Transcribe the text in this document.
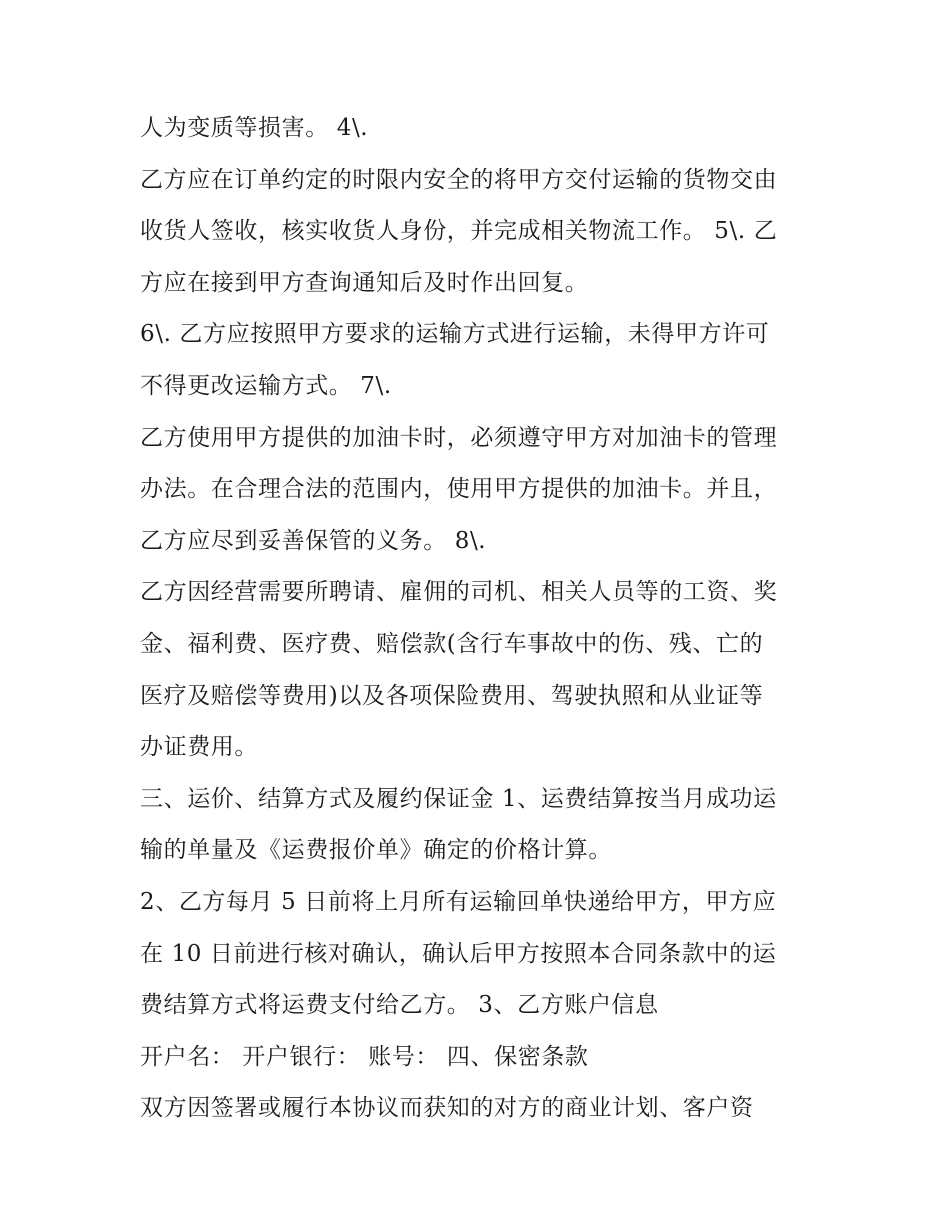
人为变质等损害。 4\.
乙方应在订单约定的时限内安全的将甲方交付运输的货物交由
收货人签收，核实收货人身份，并完成相关物流工作。 5\. 乙
方应在接到甲方查询通知后及时作出回复。
6\. 乙方应按照甲方要求的运输方式进行运输，未得甲方许可
不得更改运输方式。 7\.
乙方使用甲方提供的加油卡时，必须遵守甲方对加油卡的管理
办法。在合理合法的范围内，使用甲方提供的加油卡。并且，
乙方应尽到妥善保管的义务。 8\.
乙方因经营需要所聘请、雇佣的司机、相关人员等的工资、奖
金、福利费、医疗费、赔偿款(含行车事故中的伤、残、亡的
医疗及赔偿等费用)以及各项保险费用、驾驶执照和从业证等
办证费用。
三、运价、结算方式及履约保证金 1、运费结算按当月成功运
输的单量及《运费报价单》确定的价格计算。
2、乙方每月 5 日前将上月所有运输回单快递给甲方，甲方应
在 10 日前进行核对确认，确认后甲方按照本合同条款中的运
费结算方式将运费支付给乙方。 3、乙方账户信息
开户名： 开户银行： 账号： 四、保密条款
双方因签署或履行本协议而获知的对方的商业计划、客户资
